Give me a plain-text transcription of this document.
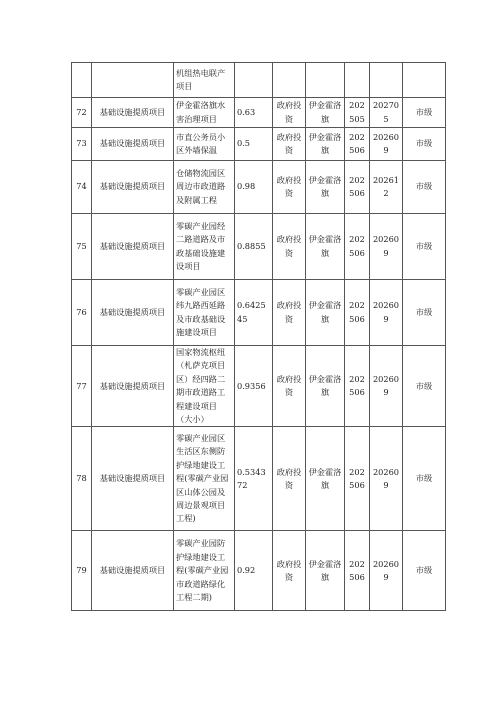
		机组热电联产项目						
72	基础设施提质项目	伊金霍洛旗水害治理项目	0.63	政府投资	伊金霍洛旗	202505	202705	市级
73	基础设施提质项目	市直公务员小区外墙保温	0.5	政府投资	伊金霍洛旗	202506	202609	市级
74	基础设施提质项目	仓储物流园区周边市政道路及附属工程	0.98	政府投资	伊金霍洛旗	202506	202612	市级
75	基础设施提质项目	零碳产业园经二路道路及市政基础设施建设项目	0.8855	政府投资	伊金霍洛旗	202506	202609	市级
76	基础设施提质项目	零碳产业园区纬九路西延路及市政基础设施建设项目	0.642545	政府投资	伊金霍洛旗	202506	202609	市级
77	基础设施提质项目	国家物流枢纽（札萨克项目区）经四路二期市政道路工程建设项目（大小）	0.9356	政府投资	伊金霍洛旗	202506	202609	市级
78	基础设施提质项目	零碳产业园区生活区东侧防护绿地建设工程(零碳产业园区山体公园及周边景观项目工程)	0.534372	政府投资	伊金霍洛旗	202506	202609	市级
79	基础设施提质项目	零碳产业园防护绿地建设工程(零碳产业园市政道路绿化工程二期)	0.92	政府投资	伊金霍洛旗	202506	202609	市级
